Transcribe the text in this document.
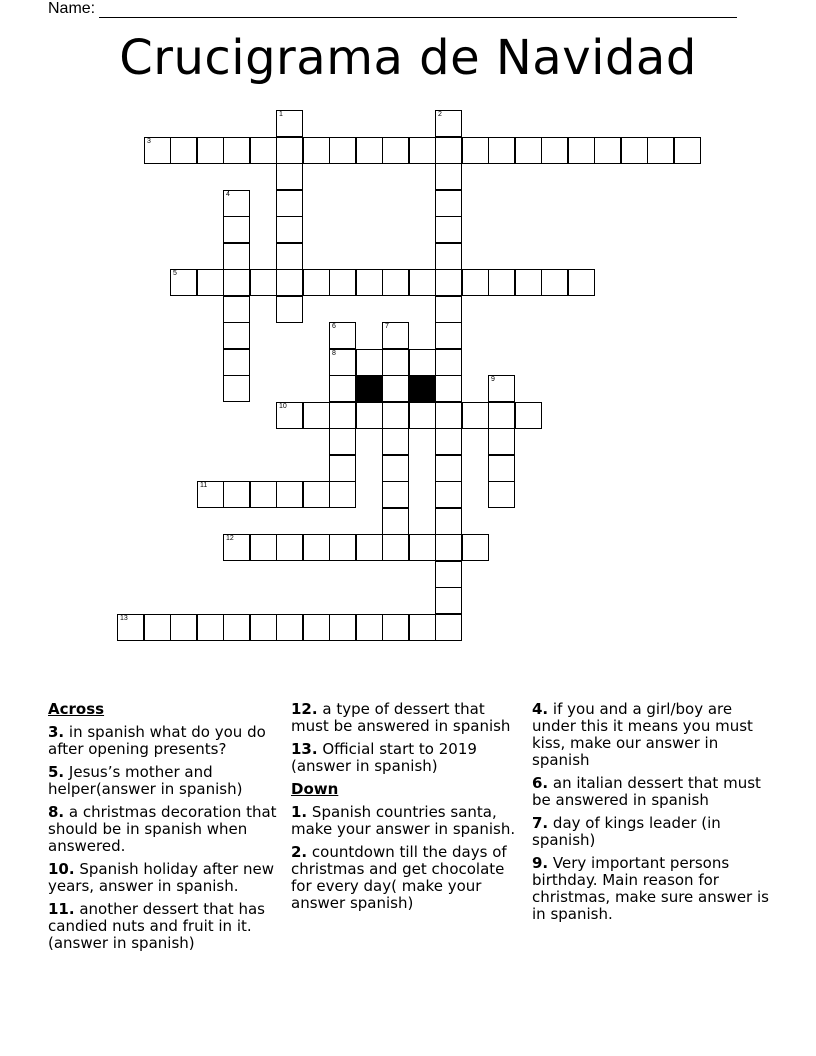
Name:
Crucigrama de Navidad
3
5
10
11
12
13
8
1	2
4
6	7
9
Across
3. in spanish what do you do after opening presents?
5. Jesus’s mother and helper(answer in spanish)
8. a christmas decoration that should be in spanish when answered.
10. Spanish holiday after new years, answer in spanish.
11. another dessert that has candied nuts and fruit in it. (answer in spanish)
12. a type of dessert that must be answered in spanish
13. Official start to 2019 (answer in spanish)
Down
1. Spanish countries santa, make your answer in spanish.
2. countdown till the days of christmas and get chocolate for every day( make your answer spanish)
4. if you and a girl/boy are under this it means you must kiss, make our answer in spanish
6. an italian dessert that must be answered in spanish
7. day of kings leader (in spanish)
9. Very important persons birthday. Main reason for christmas, make sure answer is in spanish.
